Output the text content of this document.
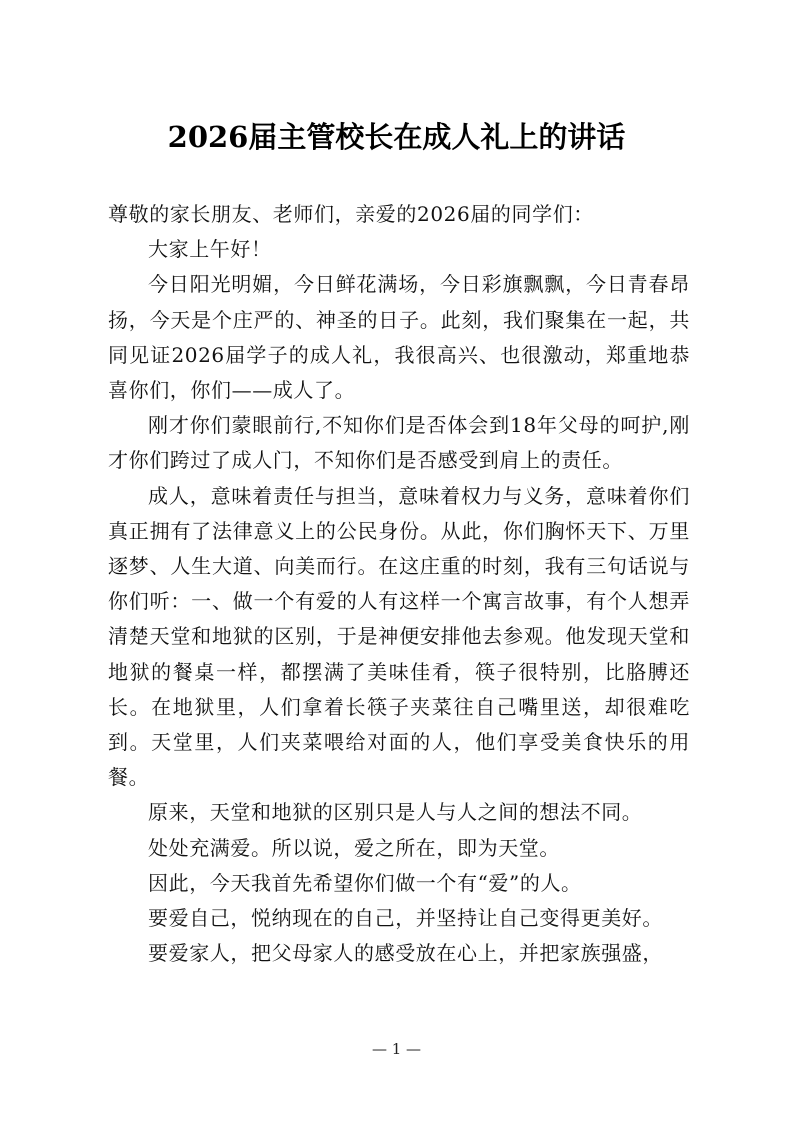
2026届主管校长在成人礼上的讲话

尊敬的家长朋友、老师们，亲爱的2026届的同学们：

大家上午好！

今日阳光明媚，今日鲜花满场，今日彩旗飘飘，今日青春昂扬，今天是个庄严的、神圣的日子。此刻，我们聚集在一起，共同见证2026届学子的成人礼，我很高兴、也很激动，郑重地恭喜你们，你们——成人了。

刚才你们蒙眼前行,不知你们是否体会到18年父母的呵护,刚才你们跨过了成人门，不知你们是否感受到肩上的责任。

成人，意味着责任与担当，意味着权力与义务，意味着你们真正拥有了法律意义上的公民身份。从此，你们胸怀天下、万里逐梦、人生大道、向美而行。在这庄重的时刻，我有三句话说与你们听：一、做一个有爱的人有这样一个寓言故事，有个人想弄清楚天堂和地狱的区别，于是神便安排他去参观。他发现天堂和地狱的餐桌一样，都摆满了美味佳肴，筷子很特别，比胳膊还长。在地狱里，人们拿着长筷子夹菜往自己嘴里送，却很难吃到。天堂里，人们夹菜喂给对面的人，他们享受美食快乐的用餐。

原来，天堂和地狱的区别只是人与人之间的想法不同。

处处充满爱。所以说，爱之所在，即为天堂。

因此，今天我首先希望你们做一个有“爱”的人。

要爱自己，悦纳现在的自己，并坚持让自己变得更美好。

要爱家人，把父母家人的感受放在心上，并把家族强盛，

— 1 —
